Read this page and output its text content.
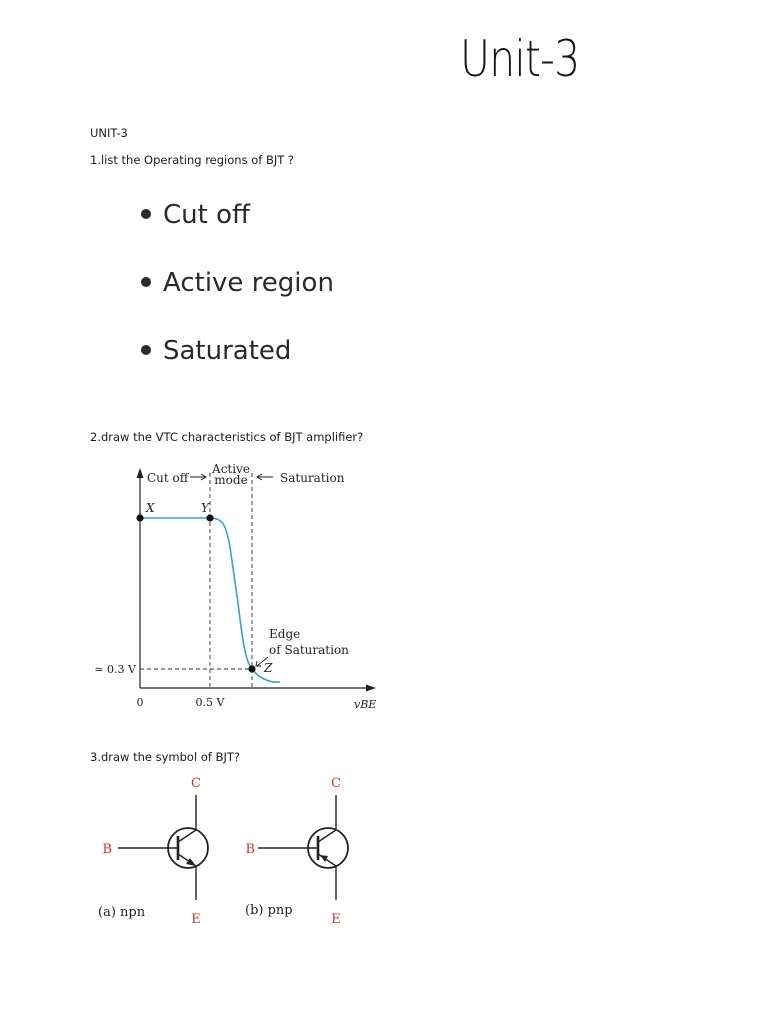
Unit-3
UNIT-3
1.list the Operating regions of BJT ?
Cut off
Active region
Saturated
2.draw the VTC characteristics of BJT amplifier?
Cut off
Active
mode	Saturation
X	Y
Z
Edge
of Saturation
≃ 0.3 V
0	0.5 V	vBE
3.draw the symbol of BJT?
C
B
E
(a) npn
C
B
E
(b) pnp
